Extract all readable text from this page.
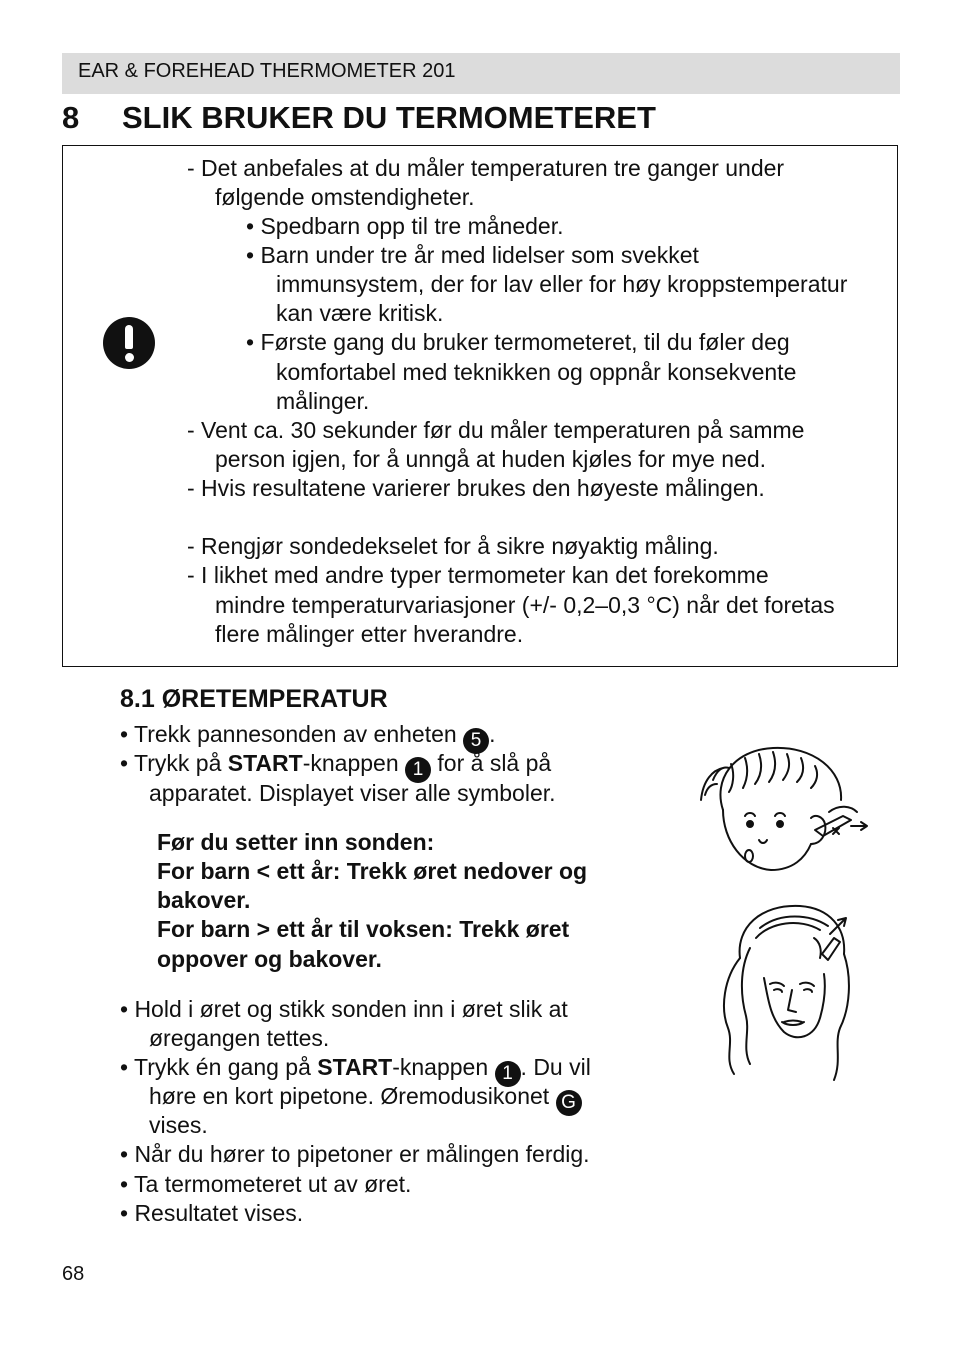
EAR & FOREHEAD THERMOMETER 201
8 SLIK BRUKER DU TERMOMETERET
- Det anbefales at du måler temperaturen tre ganger under
følgende omstendigheter.
• Spedbarn opp til tre måneder.
• Barn under tre år med lidelser som svekket
immunsystem, der for lav eller for høy kroppstemperatur
kan være kritisk.
• Første gang du bruker termometeret, til du føler deg
komfortabel med teknikken og oppnår konsekvente
målinger.
- Vent ca. 30 sekunder før du måler temperaturen på samme
person igjen, for å unngå at huden kjøles for mye ned.
- Hvis resultatene varierer brukes den høyeste målingen.
- Rengjør sondedekselet for å sikre nøyaktig måling.
- I likhet med andre typer termometer kan det forekomme
mindre temperaturvariasjoner (+/- 0,2–0,3 °C) når det foretas
flere målinger etter hverandre.
8.1 ØRETEMPERATUR
• Trekk pannesonden av enheten 5 .
• Trykk på START-knappen 1 for å slå på
apparatet. Displayet viser alle symboler.
Før du setter inn sonden:
For barn < ett år: Trekk øret nedover og
bakover.
For barn > ett år til voksen: Trekk øret
oppover og bakover.
• Hold i øret og stikk sonden inn i øret slik at
øregangen tettes.
• Trykk én gang på START-knappen 1 . Du vil
høre en kort pipetone. Øremodusikonet G
vises.
• Når du hører to pipetoner er målingen ferdig.
• Ta termometeret ut av øret.
• Resultatet vises.
68
